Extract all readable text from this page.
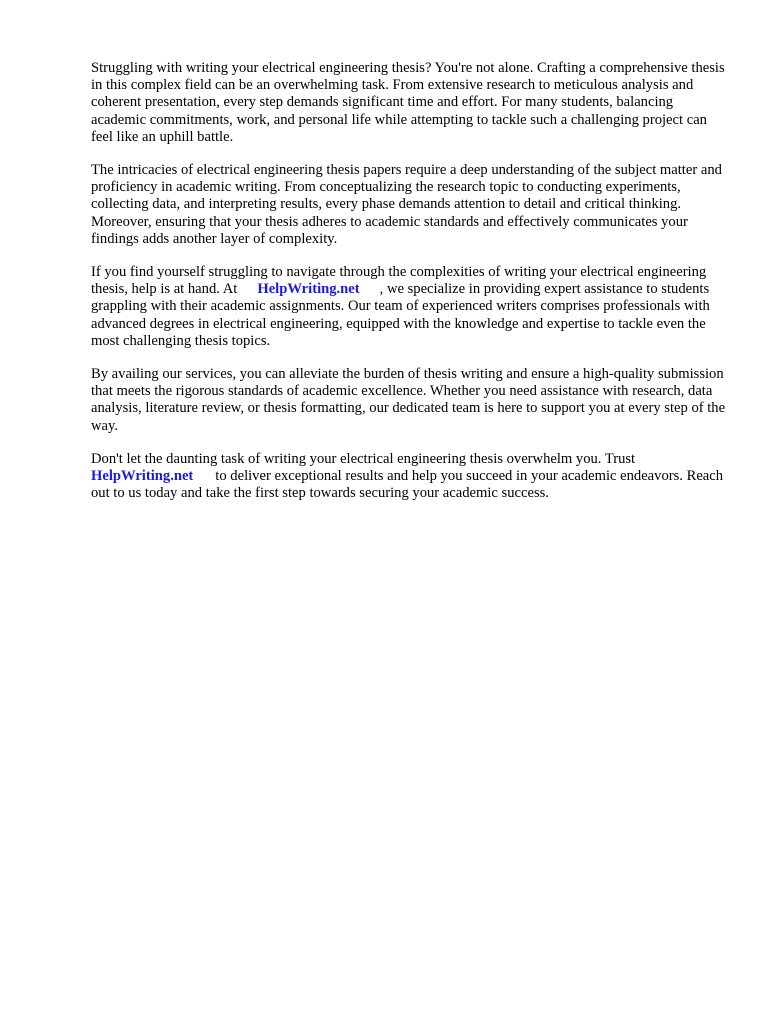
Struggling with writing your electrical engineering thesis? You're not alone. Crafting a comprehensive thesis in this complex field can be an overwhelming task. From extensive research to meticulous analysis and coherent presentation, every step demands significant time and effort. For many students, balancing academic commitments, work, and personal life while attempting to tackle such a challenging project can feel like an uphill battle.

The intricacies of electrical engineering thesis papers require a deep understanding of the subject matter and proficiency in academic writing. From conceptualizing the research topic to conducting experiments, collecting data, and interpreting results, every phase demands attention to detail and critical thinking. Moreover, ensuring that your thesis adheres to academic standards and effectively communicates your findings adds another layer of complexity.

If you find yourself struggling to navigate through the complexities of writing your electrical engineering thesis, help is at hand. At HelpWriting.net , we specialize in providing expert assistance to students grappling with their academic assignments. Our team of experienced writers comprises professionals with advanced degrees in electrical engineering, equipped with the knowledge and expertise to tackle even the most challenging thesis topics.

By availing our services, you can alleviate the burden of thesis writing and ensure a high-quality submission that meets the rigorous standards of academic excellence. Whether you need assistance with research, data analysis, literature review, or thesis formatting, our dedicated team is here to support you at every step of the way.

Don't let the daunting task of writing your electrical engineering thesis overwhelm you. Trust
HelpWriting.net to deliver exceptional results and help you succeed in your academic endeavors. Reach out to us today and take the first step towards securing your academic success.
